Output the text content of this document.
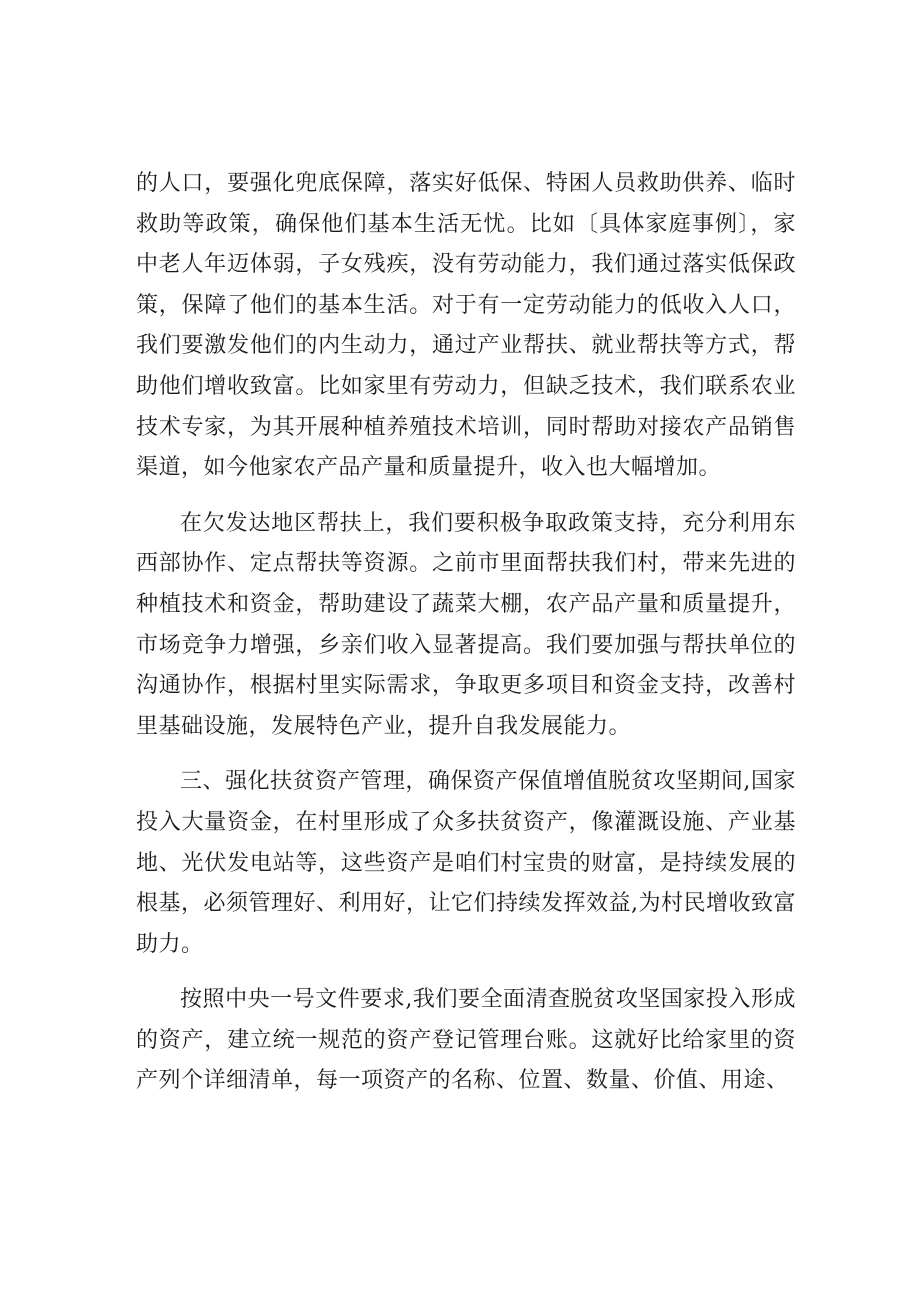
的人口，要强化兜底保障，落实好低保、特困人员救助供养、临时救助等政策，确保他们基本生活无忧。比如〔具体家庭事例〕，家中老人年迈体弱，子女残疾，没有劳动能力，我们通过落实低保政策，保障了他们的基本生活。对于有一定劳动能力的低收入人口，我们要激发他们的内生动力，通过产业帮扶、就业帮扶等方式，帮助他们增收致富。比如家里有劳动力，但缺乏技术，我们联系农业技术专家，为其开展种植养殖技术培训，同时帮助对接农产品销售渠道，如今他家农产品产量和质量提升，收入也大幅增加。

在欠发达地区帮扶上，我们要积极争取政策支持，充分利用东西部协作、定点帮扶等资源。之前市里面帮扶我们村，带来先进的种植技术和资金，帮助建设了蔬菜大棚，农产品产量和质量提升，市场竞争力增强，乡亲们收入显著提高。我们要加强与帮扶单位的沟通协作，根据村里实际需求，争取更多项目和资金支持，改善村里基础设施，发展特色产业，提升自我发展能力。

三、强化扶贫资产管理，确保资产保值增值脱贫攻坚期间,国家投入大量资金，在村里形成了众多扶贫资产，像灌溉设施、产业基地、光伏发电站等，这些资产是咱们村宝贵的财富，是持续发展的根基，必须管理好、利用好，让它们持续发挥效益,为村民增收致富助力。

按照中央一号文件要求,我们要全面清查脱贫攻坚国家投入形成的资产，建立统一规范的资产登记管理台账。这就好比给家里的资产列个详细清单，每一项资产的名称、位置、数量、价值、用途、
